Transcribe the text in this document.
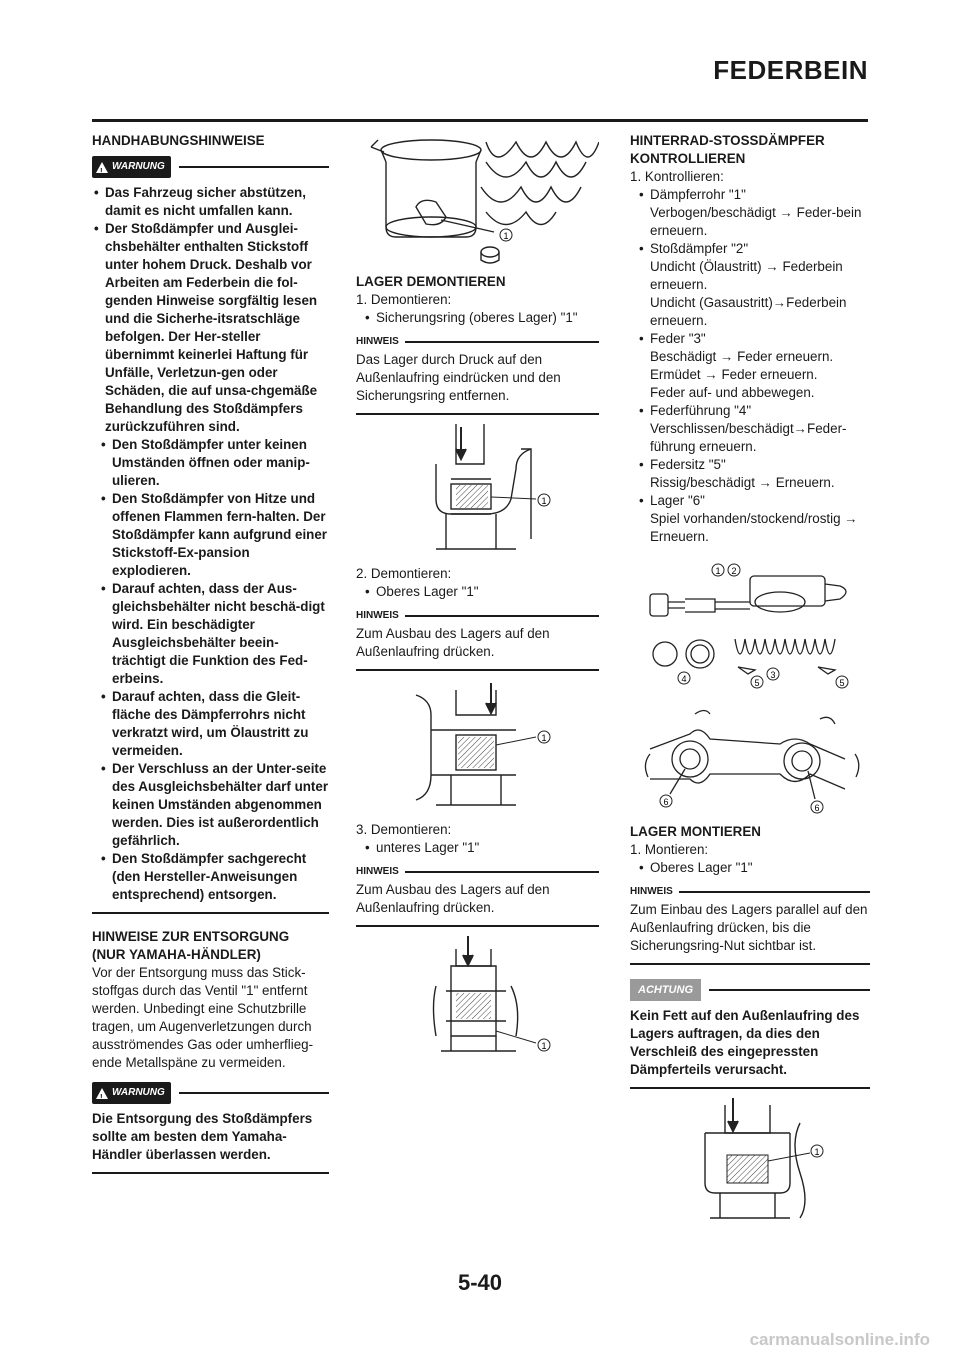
FEDERBEIN

HANDHABUNGSHINWEISE

! WARNUNG
• Das Fahrzeug sicher abstützen, damit es nicht umfallen kann.
• Der Stoßdämpfer und Ausglei-chsbehälter enthalten Stickstoff unter hohem Druck. Deshalb vor Arbeiten am Federbein die fol-genden Hinweise sorgfältig lesen und die Sicherhe-itsratschläge befolgen. Der Her-steller übernimmt keinerlei Haftung für Unfälle, Verletzun-gen oder Schäden, die auf unsa-chgemäße Behandlung des Stoßdämpfers zurückzuführen sind.
• Den Stoßdämpfer unter keinen Umständen öffnen oder manip-ulieren.
• Den Stoßdämpfer von Hitze und offenen Flammen fern-halten. Der Stoßdämpfer kann aufgrund einer Stickstoff-Ex-pansion explodieren.
• Darauf achten, dass der Aus-gleichsbehälter nicht beschä-digt wird. Ein beschädigter Ausgleichsbehälter beein-trächtigt die Funktion des Fed-erbeins.
• Darauf achten, dass die Gleit-fläche des Dämpferrohrs nicht verkratzt wird, um Ölaustritt zu vermeiden.
• Der Verschluss an der Unter-seite des Ausgleichsbehälter darf unter keinen Umständen abgenommen werden. Dies ist außerordentlich gefährlich.
• Den Stoßdämpfer sachgerecht (den Hersteller-Anweisungen entsprechend) entsorgen.

HINWEISE ZUR ENTSORGUNG

(NUR YAMAHA-HÄNDLER)

Vor der Entsorgung muss das Stick-stoffgas durch das Ventil "1" entfernt werden. Unbedingt eine Schutzbrille tragen, um Augenverletzungen durch ausströmendes Gas oder umherflieg-ende Metallspäne zu vermeiden.

! WARNUNG

Die Entsorgung des Stoßdämpfers sollte am besten dem Yamaha-Händler überlassen werden.

1

LAGER DEMONTIEREN

1. Demontieren:

• Sicherungsring (oberes Lager) "1"
HINWEIS

Das Lager durch Druck auf den Außenlaufring eindrücken und den Sicherungsring entfernen.

1

2. Demontieren:

• Oberes Lager "1"
HINWEIS

Zum Ausbau des Lagers auf den Außenlaufring drücken.

1

3. Demontieren:

• unteres Lager "1"
HINWEIS

Zum Ausbau des Lagers auf den Außenlaufring drücken.

1

HINTERRAD-STOSSDÄMPFER

KONTROLLIEREN

1. Kontrollieren:

• Dämpferrohr "1"
Verbogen/beschädigt → Feder-bein erneuern.
• Stoßdämpfer "2"
Undicht (Ölaustritt) → Federbein erneuern.
Undicht (Gasaustritt)→Federbein erneuern.
• Feder "3"
Beschädigt → Feder erneuern.
Ermüdet → Feder erneuern.
Feder auf- und abbewegen.
• Federführung "4"
Verschlissen/beschädigt→Feder-führung erneuern.
• Federsitz "5"
Rissig/beschädigt → Erneuern.
• Lager "6"
Spiel vorhanden/stockend/rostig → Erneuern.
1 2
3
4	5	5
6
6

LAGER MONTIEREN

1. Montieren:

• Oberes Lager "1"
HINWEIS

Zum Einbau des Lagers parallel auf den Außenlaufring drücken, bis die Sicherungsring-Nut sichtbar ist.

ACHTUNG

Kein Fett auf den Außenlaufring des Lagers auftragen, da dies den Verschleiß des eingepressten Dämpferteils verursacht.

1
5-40
carmanualsonline.info
